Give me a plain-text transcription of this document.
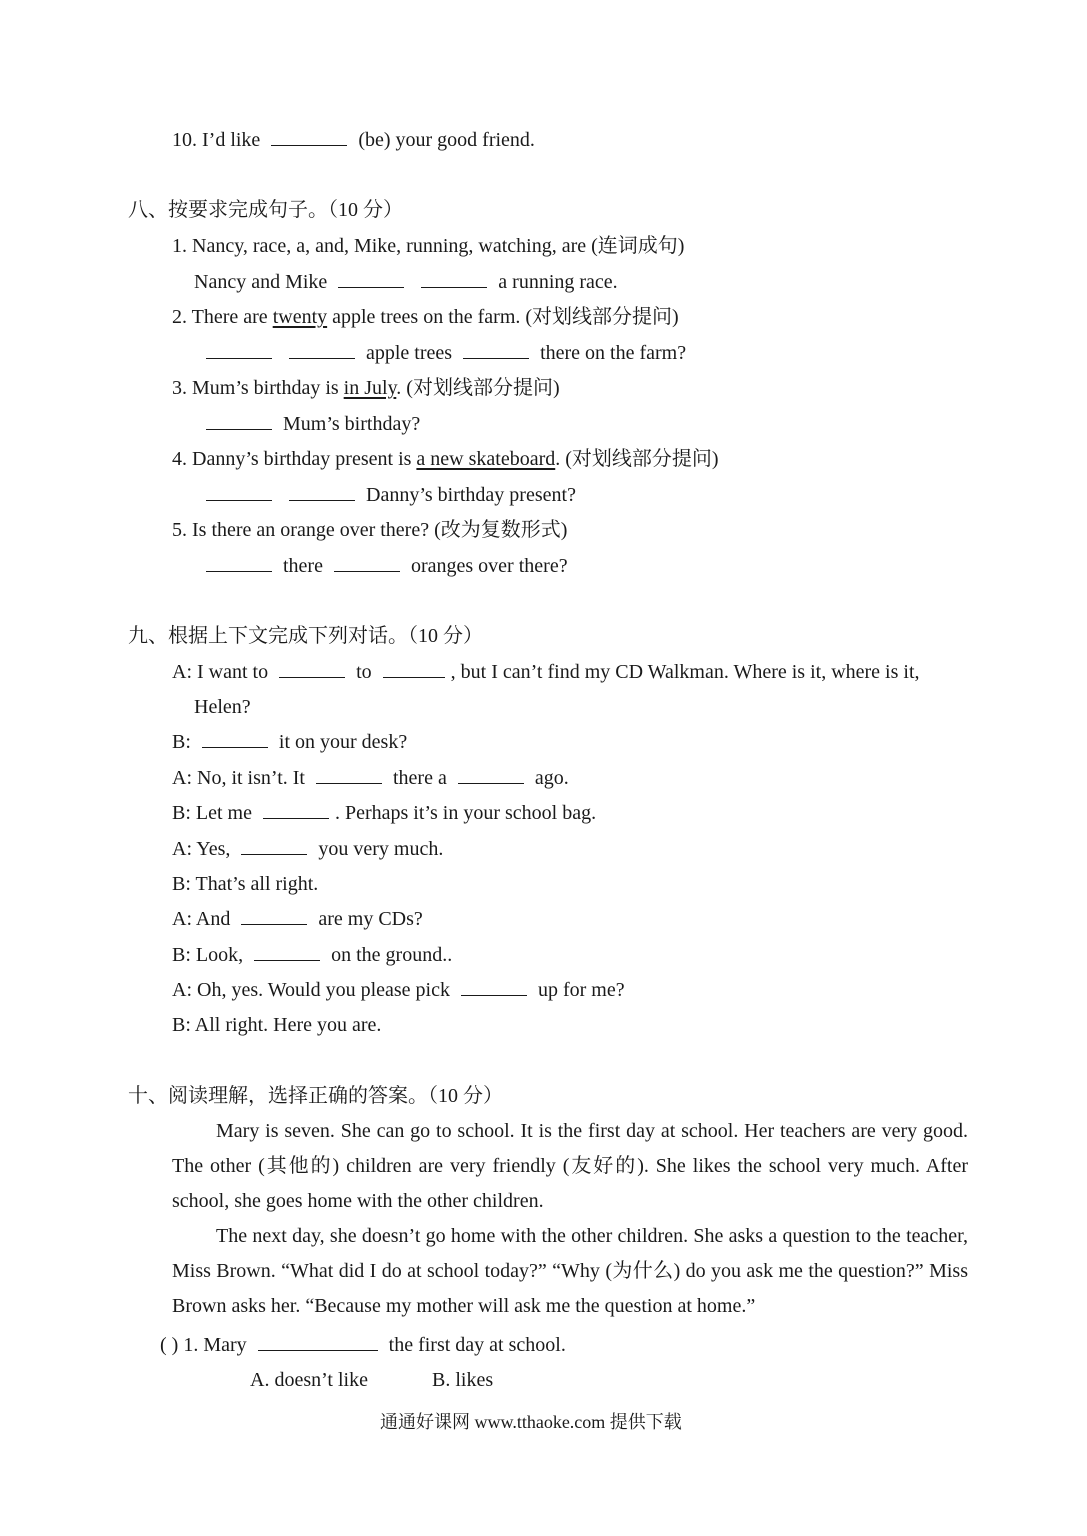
10. I’d like	(be) your good friend.
八、按要求完成句子。（10 分）
1. Nancy, race, a, and, Mike, running, watching, are (连词成句)
Nancy and Mike	a running race.
2. There are twenty apple trees on the farm. (对划线部分提问)
apple trees	there on the farm?
3. Mum’s birthday is in July. (对划线部分提问)
Mum’s birthday?
4. Danny’s birthday present is a new skateboard. (对划线部分提问)
Danny’s birthday present?
5. Is there an orange over there? (改为复数形式)
there	oranges over there?
九、根据上下文完成下列对话。（10 分）
A: I want to	to	, but I can’t find my CD Walkman. Where is it, where is it,
Helen?
B:	it on your desk?
A: No, it isn’t. It	there a	ago.
B: Let me	. Perhaps it’s in your school bag.
A: Yes,	you very much.
B: That’s all right.
A: And	are my CDs?
B: Look,	on the ground..
A: Oh, yes. Would you please pick	up for me?
B: All right. Here you are.
十、阅读理解，选择正确的答案。（10 分）
Mary is seven. She can go to school. It is the first day at school. Her teachers are very good. The other (其他的) children are very friendly (友好的). She likes the school very much. After school, she goes home with the other children.
The next day, she doesn’t go home with the other children. She asks a question to the teacher, Miss Brown. “What did I do at school today?” “Why (为什么) do you ask me the question?” Miss Brown asks her. “Because my mother will ask me the question at home.”
( ) 1. Mary	the first day at school.
A. doesn’t like	B. likes
通通好课网 www.tthaoke.com 提供下载
